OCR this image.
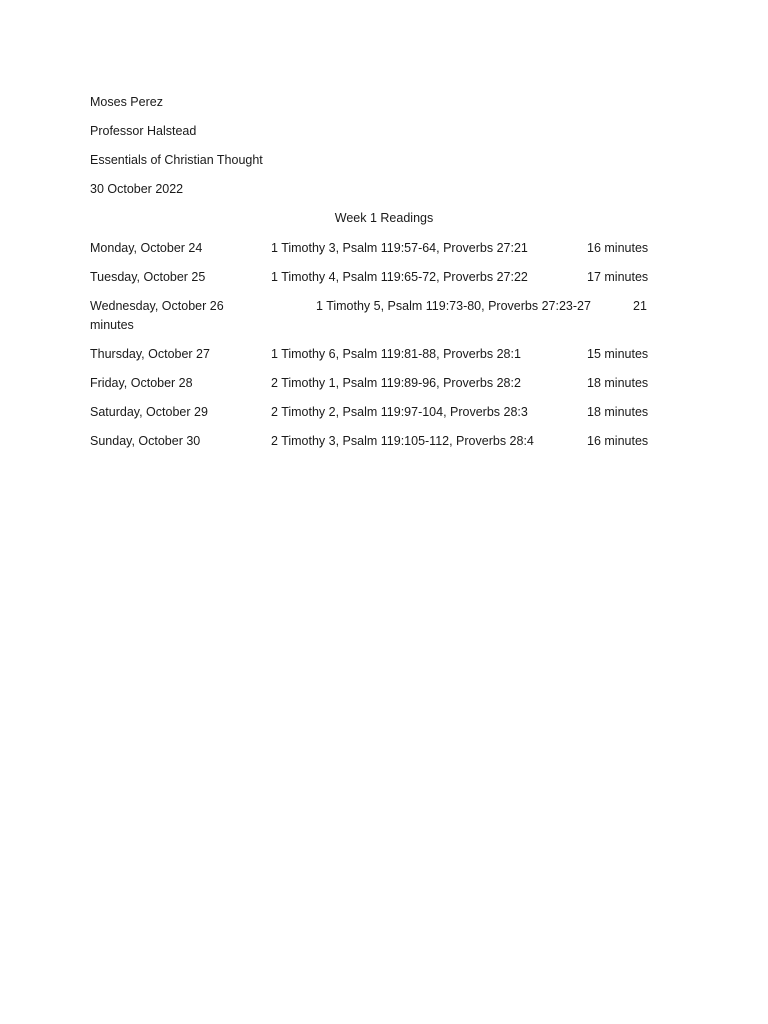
Moses Perez
Professor Halstead
Essentials of Christian Thought
30 October 2022
Week 1 Readings
Monday, October 24	1 Timothy 3, Psalm 119:57-64, Proverbs 27:21	16 minutes
Tuesday, October 25	1 Timothy 4, Psalm 119:65-72, Proverbs 27:22	17 minutes
Wednesday, October 26	1 Timothy 5, Psalm 119:73-80, Proverbs 27:23-27	21
minutes
Thursday, October 27	1 Timothy 6, Psalm 119:81-88, Proverbs 28:1	15 minutes
Friday, October 28	2 Timothy 1, Psalm 119:89-96, Proverbs 28:2	18 minutes
Saturday, October 29	2 Timothy 2, Psalm 119:97-104, Proverbs 28:3	18 minutes
Sunday, October 30	2 Timothy 3, Psalm 119:105-112, Proverbs 28:4	16 minutes
